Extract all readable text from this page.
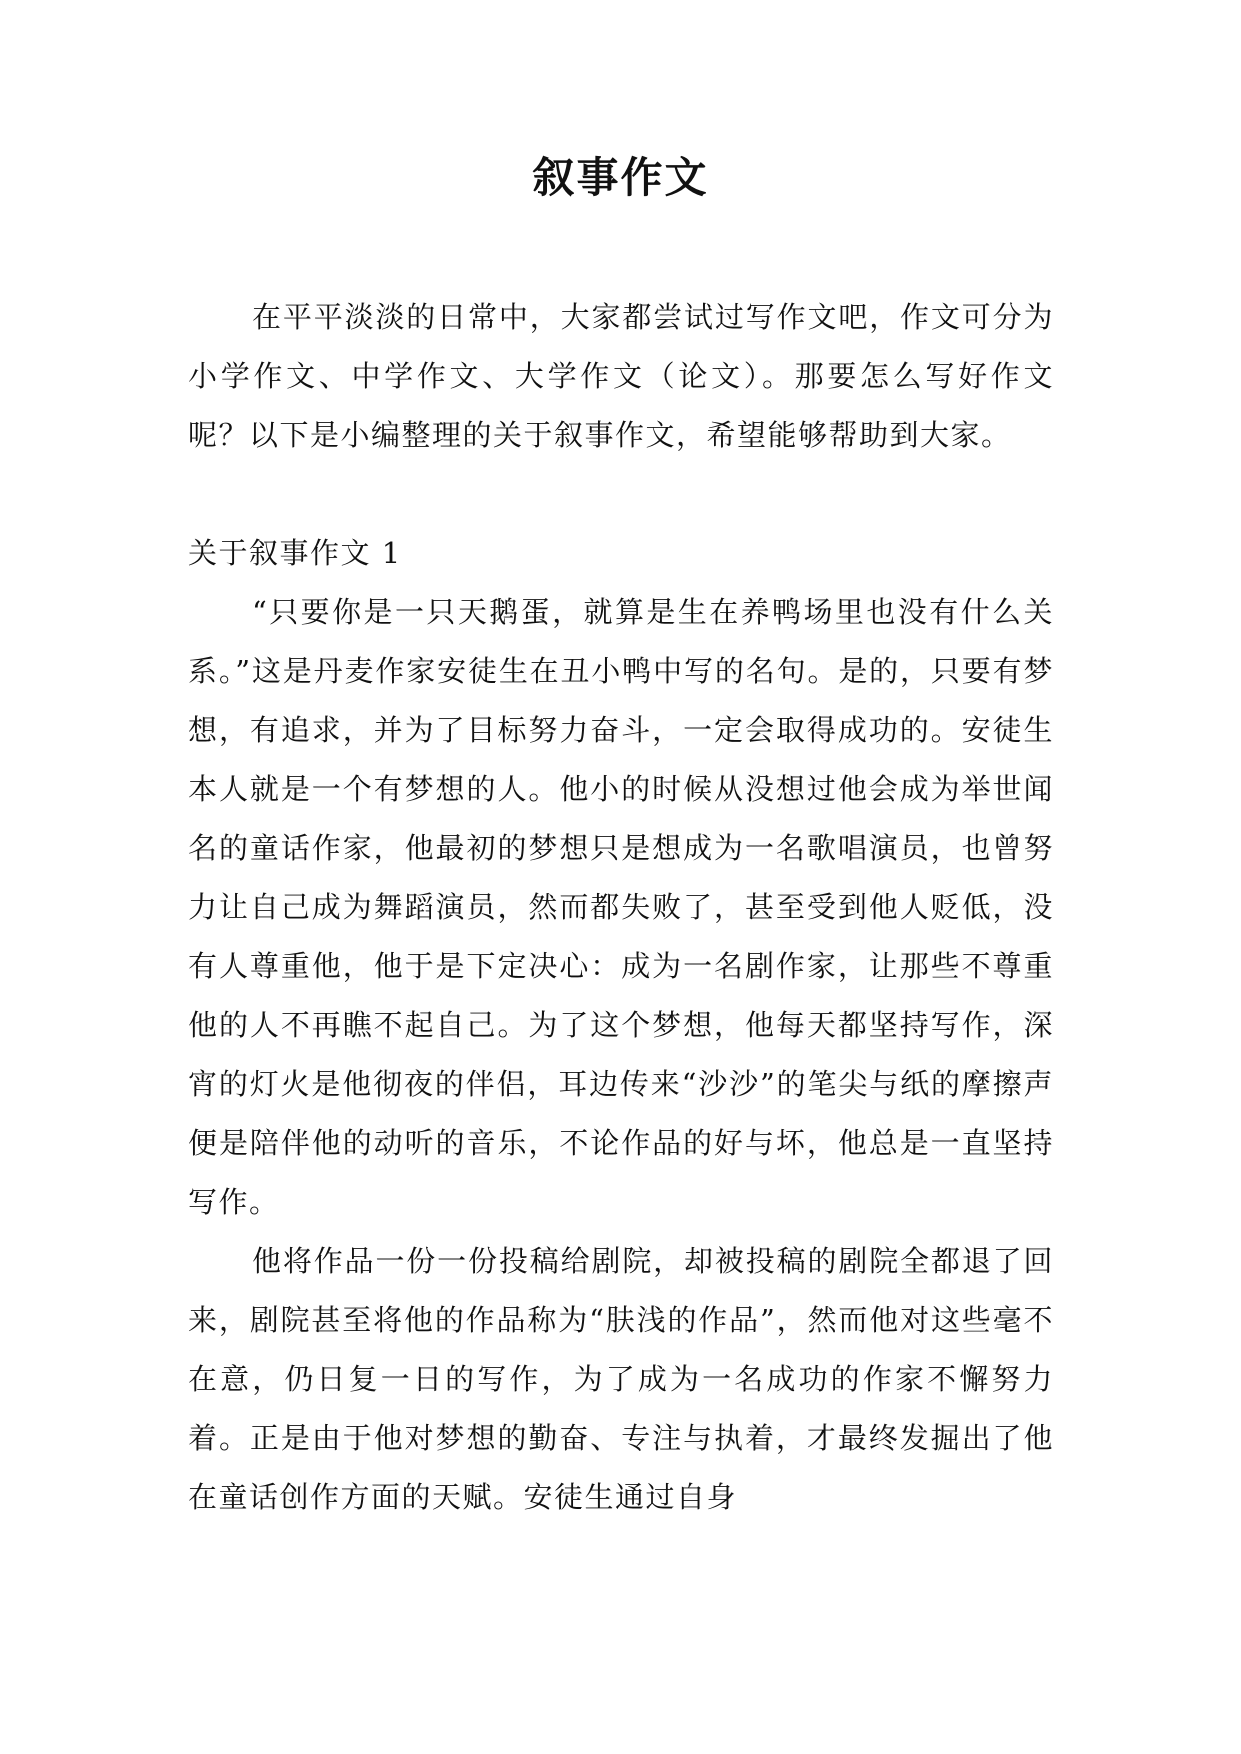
叙事作文

在平平淡淡的日常中，大家都尝试过写作文吧，作文可分为小学作文、中学作文、大学作文（论文）。那要怎么写好作文呢？以下是小编整理的关于叙事作文，希望能够帮助到大家。

关于叙事作文 1

“只要你是一只天鹅蛋，就算是生在养鸭场里也没有什么关系。”这是丹麦作家安徒生在丑小鸭中写的名句。是的，只要有梦想，有追求，并为了目标努力奋斗，一定会取得成功的。安徒生本人就是一个有梦想的人。他小的时候从没想过他会成为举世闻名的童话作家，他最初的梦想只是想成为一名歌唱演员，也曾努力让自己成为舞蹈演员，然而都失败了，甚至受到他人贬低，没有人尊重他，他于是下定决心：成为一名剧作家，让那些不尊重他的人不再瞧不起自己。为了这个梦想，他每天都坚持写作，深宵的灯火是他彻夜的伴侣，耳边传来“沙沙”的笔尖与纸的摩擦声便是陪伴他的动听的音乐，不论作品的好与坏，他总是一直坚持写作。

他将作品一份一份投稿给剧院，却被投稿的剧院全都退了回来，剧院甚至将他的作品称为“肤浅的作品”，然而他对这些毫不在意，仍日复一日的写作，为了成为一名成功的作家不懈努力着。正是由于他对梦想的勤奋、专注与执着，才最终发掘出了他在童话创作方面的天赋。安徒生通过自身
